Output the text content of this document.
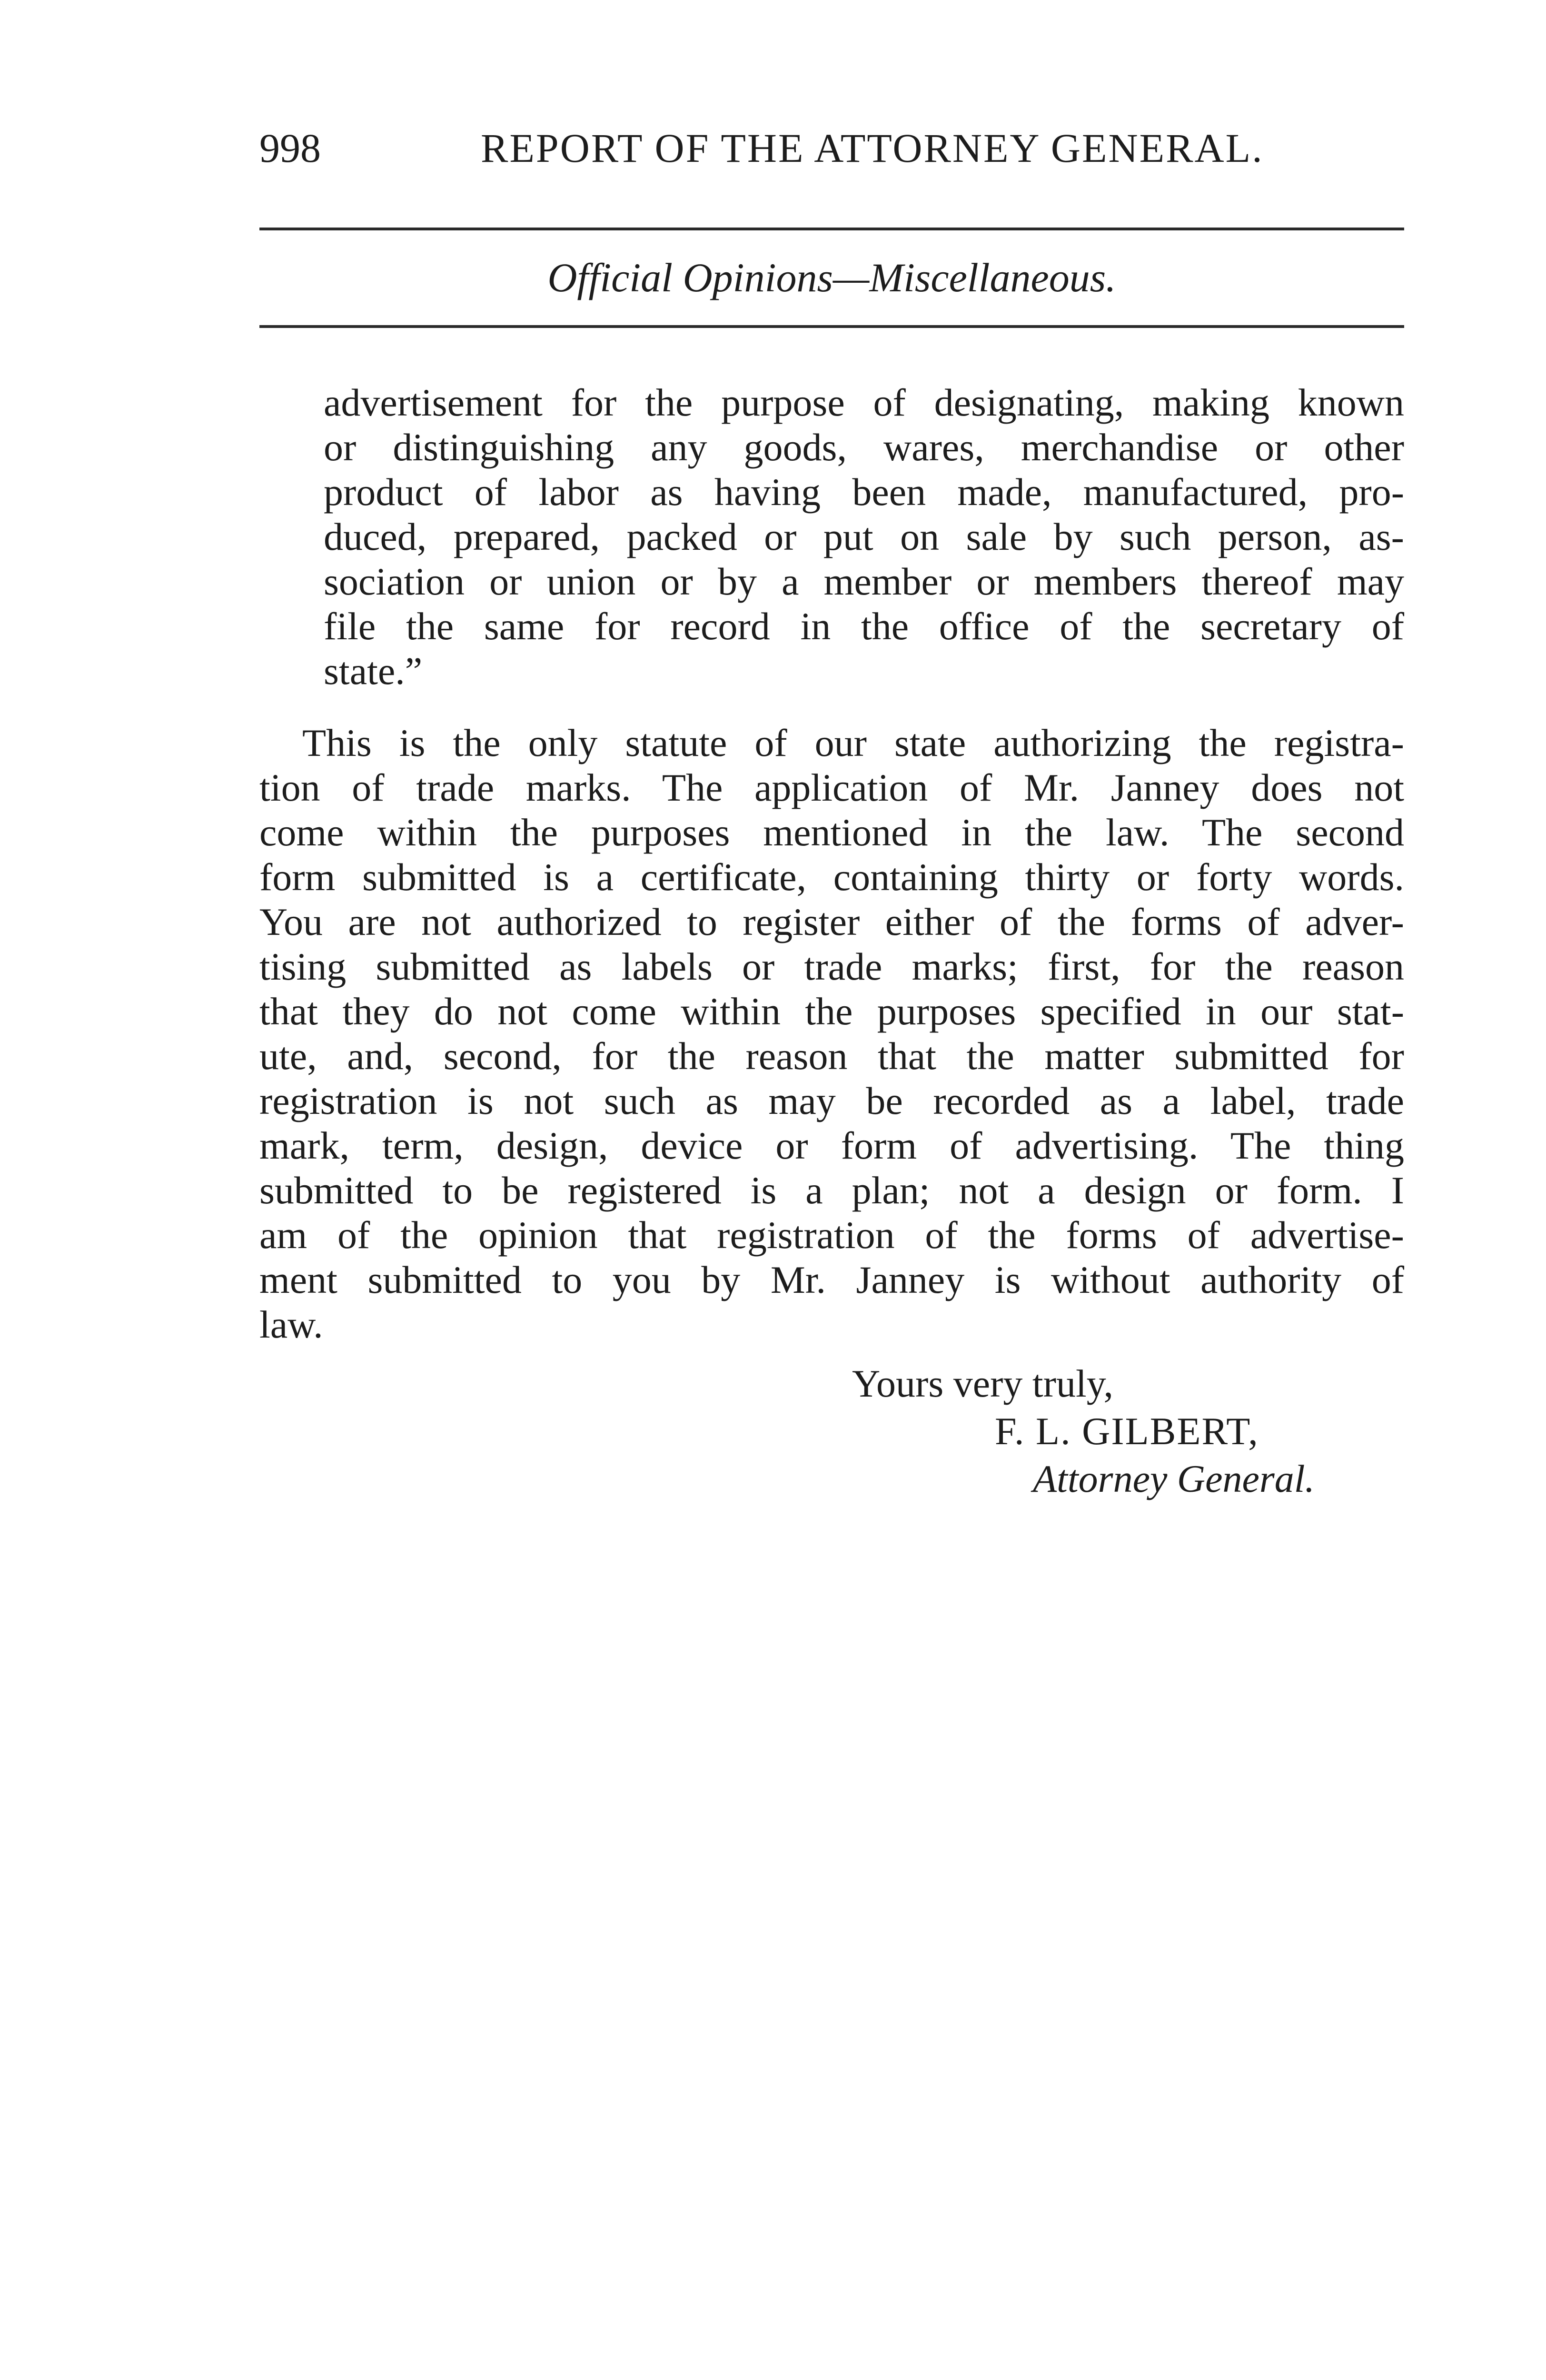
998	REPORT OF THE ATTORNEY GENERAL.
Official Opinions—Miscellaneous.
advertisement for the purpose of designating, making known
or distinguishing any goods, wares, merchandise or other
product of labor as having been made, manufactured, pro-
duced, prepared, packed or put on sale by such person, as-
sociation or union or by a member or members thereof may
file the same for record in the office of the secretary of
state.”
This is the only statute of our state authorizing the registra-
tion of trade marks. The application of Mr. Janney does not
come within the purposes mentioned in the law. The second
form submitted is a certificate, containing thirty or forty words.
You are not authorized to register either of the forms of adver-
tising submitted as labels or trade marks; first, for the reason
that they do not come within the purposes specified in our stat-
ute, and, second, for the reason that the matter submitted for
registration is not such as may be recorded as a label, trade
mark, term, design, device or form of advertising. The thing
submitted to be registered is a plan; not a design or form. I
am of the opinion that registration of the forms of advertise-
ment submitted to you by Mr. Janney is without authority of
law.
Yours very truly,
F. L. GILBERT,
Attorney General.
